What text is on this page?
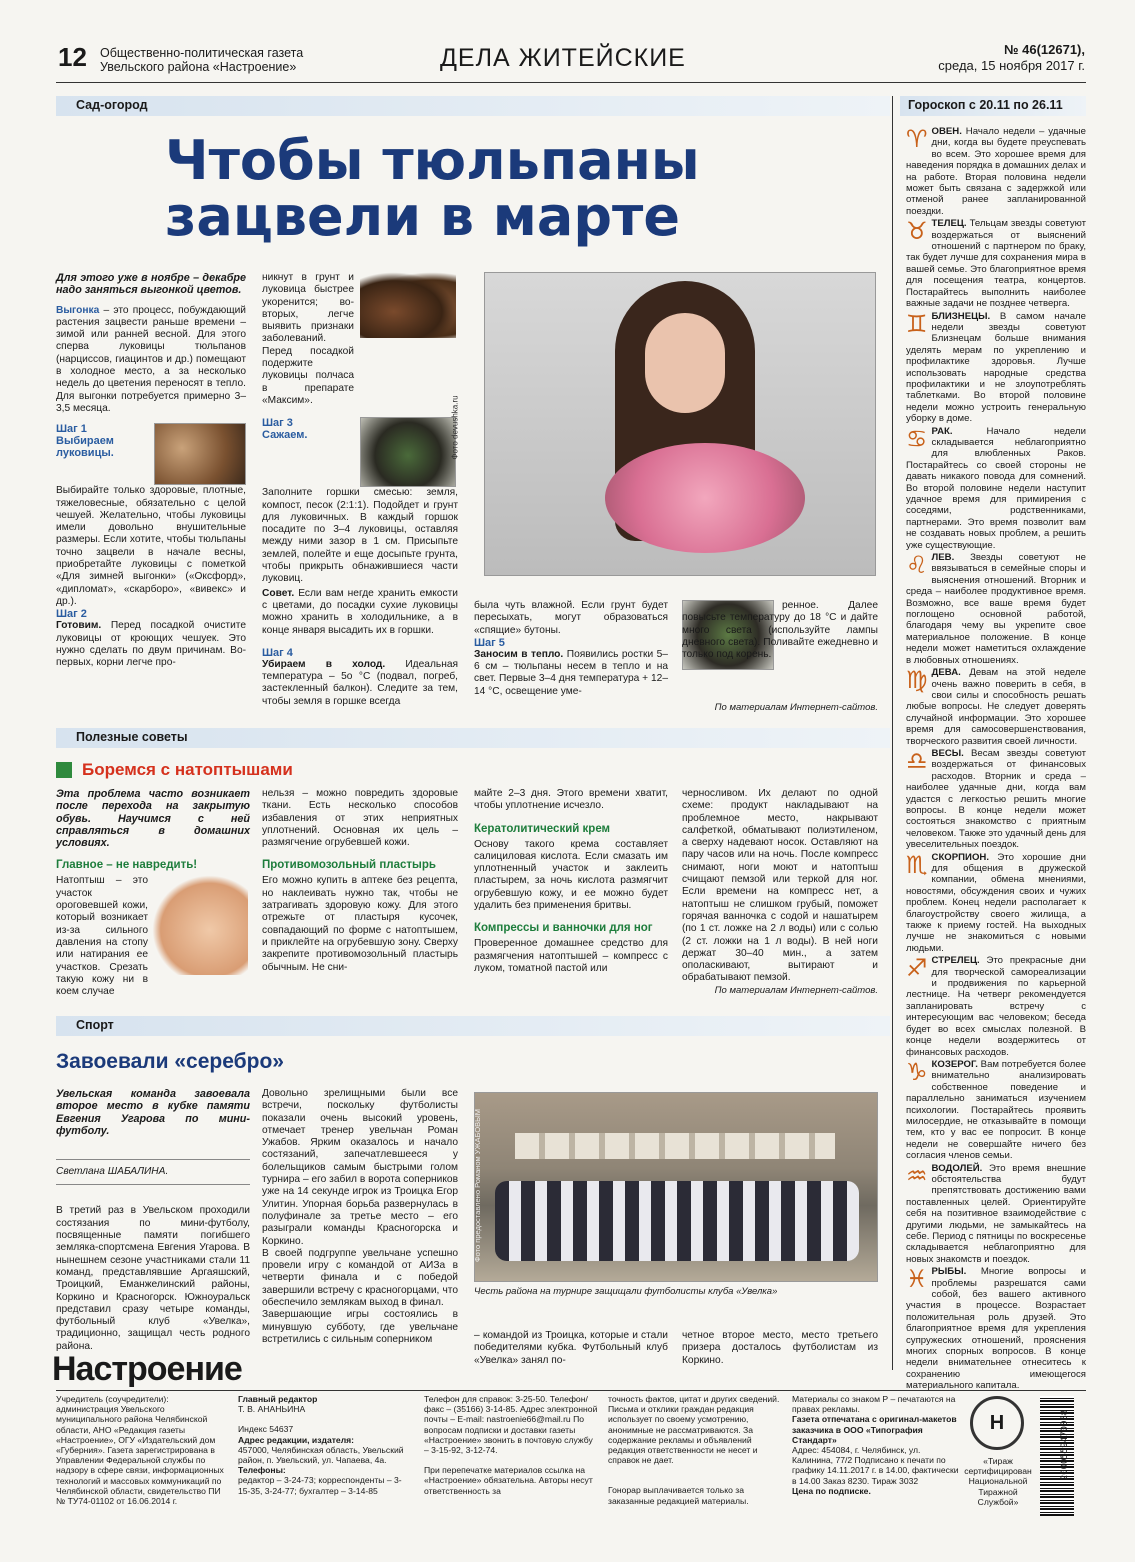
12 Общественно-политическая газета
Увельского района «Настроение»	ДЕЛА ЖИТЕЙСКИЕ	№ 46(12671),
среда, 15 ноября 2017 г.
Сад-огород
Чтобы тюльпаны
зацвели в марте
Для этого уже в ноябре – декабре надо заняться выгонкой цветов.
Выгонка – это процесс, побуждающий растения зацвести раньше времени – зимой или ранней весной. Для этого сперва луковицы тюльпанов (нарциссов, гиацинтов и др.) помещают в холодное место, а за несколько недель до цветения переносят в тепло. Для выгонки потребуется примерно 3–3,5 месяца.
Шаг 1
Выбираем луковицы.
Выбирайте только здоровые, плотные, тяжеловесные, обязательно с целой чешуей. Желательно, чтобы луковицы имели довольно внушительные размеры. Если хотите, чтобы тюльпаны точно зацвели в начале весны, приобретайте луковицы с пометкой «Для зимней выгонки» («Оксфорд», «дипломат», «скарборо», «вивекс» и др.).
Шаг 2
Готовим. Перед посадкой очистите луковицы от кроющих чешуек. Это нужно сделать по двум причинам. Во-первых, корни легче про-
никнут в грунт и луковица быстрее укоренится; во-вторых, легче выявить признаки заболеваний. Перед посадкой подержите луковицы полчаса в препарате «Максим».
Шаг 3
Сажаем.
Заполните горшки смесью: земля, компост, песок (2:1:1). Подойдет и грунт для луковичных. В каждый горшок посадите по 3–4 луковицы, оставляя между ними зазор в 1 см. Присыпьте землей, полейте и еще досыпьте грунта, чтобы прикрыть обнажившиеся части луковиц.
Совет. Если вам негде хранить емкости с цветами, до посадки сухие луковицы можно хранить в холодильнике, а в конце января высадить их в горшки.
Шаг 4
Убираем в холод. Идеальная температура – 5о °С (подвал, погреб, застекленный балкон). Следите за тем, чтобы земля в горшке всегда
Фото devushka.ru
была чуть влажной. Если грунт будет пересыхать, могут образоваться «спящие» бутоны.
Шаг 5
Заносим в тепло. Появились ростки 5–6 см – тюльпаны несем в тепло и на свет. Первые 3–4 дня температура + 12–14 °С, освещение уме-
ренное. Далее повысьте температуру до 18 °С и дайте много света (используйте лампы дневного света). Поливайте ежедневно и только под корень.
По материалам Интернет-сайтов.
Полезные советы
Боремся с натоптышами
Эта проблема часто возникает после перехода на закрытую обувь. Научимся с ней справляться в домашних условиях.
Главное – не навредить!
Натоптыш – это участок ороговевшей кожи, который возникает из-за сильного давления на стопу или натирания ее участков. Срезать такую кожу ни в коем случае
нельзя – можно повредить здоровые ткани. Есть несколько способов избавления от этих неприятных уплотнений. Основная их цель – размягчение огрубевшей кожи.
Противомозольный пластырь
Его можно купить в аптеке без рецепта, но наклеивать нужно так, чтобы не затрагивать здоровую кожу. Для этого отрежьте от пластыря кусочек, совпадающий по форме с натоптышем, и приклейте на огрубевшую зону. Сверху закрепите противомозольный пластырь обычным. Не сни-
майте 2–3 дня. Этого времени хватит, чтобы уплотнение исчезло.
Кератолитический крем
Основу такого крема составляет салициловая кислота. Если смазать им уплотненный участок и заклеить пластырем, за ночь кислота размягчит огрубевшую кожу, и ее можно будет удалить без применения бритвы.
Компрессы и ванночки для ног
Проверенное домашнее средство для размягчения натоптышей – компресс с луком, томатной пастой или
черносливом. Их делают по одной схеме: продукт накладывают на проблемное место, накрывают салфеткой, обматывают полиэтиленом, а сверху надевают носок. Оставляют на пару часов или на ночь. После компресс снимают, ноги моют и натоптыш счищают пемзой или теркой для ног. Если времени на компресс нет, а натоптыш не слишком грубый, поможет горячая ванночка с содой и нашатырем (по 1 ст. ложке на 2 л воды) или с солью (2 ст. ложки на 1 л воды). В ней ноги держат 30–40 мин., а затем ополаскивают, вытирают и обрабатывают пемзой.
По материалам Интернет-сайтов.
Спорт
Завоевали «серебро»
Увельская команда завоевала второе место в кубке памяти Евгения Угарова по мини-футболу.
Светлана ШАБАЛИНА.
В третий раз в Увельском проходили состязания по мини-футболу, посвященные памяти погибшего земляка-спортсмена Евгения Угарова. В нынешнем сезоне участниками стали 11 команд, представлявшие Аргаяшский, Троицкий, Еманжелинский районы, Коркино и Красногорск. Южноуральск представил сразу четыре команды, футбольный клуб «Увелка», традиционно, защищал честь родного района.
Довольно зрелищными были все встречи, поскольку футболисты показали очень высокий уровень, отмечает тренер увельчан Роман Ужабов. Ярким оказалось и начало состязаний, запечатлевшееся у болельщиков самым быстрыми голом турнира – его забил в ворота соперников уже на 14 секунде игрок из Троицка Егор Улитин. Упорная борьба развернулась в полуфинале за третье место – его разыграли команды Красногорска и Коркино.
В своей подгруппе увельчане успешно провели игру с командой от АИЗа в четверти финала и с победой завершили встречу с красногорцами, что обеспечило землякам выход в финал.
Завершающие игры состоялись в минувшую субботу, где увельчане встретились с сильным соперником
Фото предоставлено Романом УЖАБОВЫМ
Честь района на турнире защищали футболисты клуба «Увелка»
– командой из Троицка, которые и стали победителями кубка. Футбольный клуб «Увелка» занял по-
четное второе место, место третьего призера досталось футболистам из Коркино.
Гороскоп с 20.11 по 26.11
♈ ОВЕН. Начало недели – удачные дни, когда вы будете преуспевать во всем. Это хорошее время для наведения порядка в домашних делах и на работе. Вторая половина недели может быть связана с задержкой или отменой ранее запланированной поездки.
♉ ТЕЛЕЦ. Тельцам звезды советуют воздержаться от выяснений отношений с партнером по браку, так будет лучше для сохранения мира в вашей семье. Это благоприятное время для посещения театра, концертов. Постарайтесь выполнить наиболее важные задачи не позднее четверга.
♊ БЛИЗНЕЦЫ. В самом начале недели звезды советуют Близнецам больше внимания уделять мерам по укреплению и профилактике здоровья. Лучше использовать народные средства профилактики и не злоупотреблять таблетками. Во второй половине недели можно устроить генеральную уборку в доме.
♋ РАК. Начало недели складывается неблагоприятно для влюбленных Раков. Постарайтесь со своей стороны не давать никакого повода для сомнений. Во второй половине недели наступит удачное время для примирения с соседями, родственниками, партнерами. Это время позволит вам не создавать новых проблем, а решить уже существующие.
♌ ЛЕВ. Звезды советуют не ввязываться в семейные споры и выяснения отношений. Вторник и среда – наиболее продуктивное время. Возможно, все ваше время будет поглощено основной работой, благодаря чему вы укрепите свое материальное положение. В конце недели может наметиться охлаждение в любовных отношениях.
♍ ДЕВА. Девам на этой неделе очень важно поверить в себя, в свои силы и способность решать любые вопросы. Не следует доверять случайной информации. Это хорошее время для самосовершенствования, творческого развития своей личности.
♎ ВЕСЫ. Весам звезды советуют воздержаться от финансовых расходов. Вторник и среда – наиболее удачные дни, когда вам удастся с легкостью решить многие вопросы. В конце недели может состояться знакомство с приятным человеком. Также это удачный день для увеселительных поездок.
♏ СКОРПИОН. Это хорошие дни для общения в дружеской компании, обмена мнениями, новостями, обсуждения своих и чужих проблем. Конец недели располагает к благоустройству своего жилища, а также к приему гостей. На выходных лучше не знакомиться с новыми людьми.
♐ СТРЕЛЕЦ. Это прекрасные дни для творческой самореализации и продвижения по карьерной лестнице. На четверг рекомендуется запланировать встречу с интересующим вас человеком; беседа будет во всех смыслах полезной. В конце недели воздержитесь от финансовых расходов.
♑ КОЗЕРОГ. Вам потребуется более внимательно анализировать собственное поведение и параллельно заниматься изучением психологии. Постарайтесь проявить милосердие, не отказывайте в помощи тем, кто у вас ее попросит. В конце недели не совершайте ничего без согласия членов семьи.
♒ ВОДОЛЕЙ. Это время внешние обстоятельства будут препятствовать достижению вами поставленных целей. Ориентируйте себя на позитивное взаимодействие с другими людьми, не замыкайтесь на себе. Период с пятницы по воскресенье складывается неблагоприятно для новых знакомств и поездок.
♓ РЫБЫ. Многие вопросы и проблемы разрешатся сами собой, без вашего активного участия в процессе. Возрастает положительная роль друзей. Это благоприятное время для укрепления супружеских отношений, прояснения многих спорных вопросов. В конце недели внимательнее отнеситесь к сохранению имеющегося материального капитала.
Настроение
Учредитель (соучредители): администрация Увельского муниципального района Челябинской области, АНО «Редакция газеты «Настроение», ОГУ «Издательский дом «Губерния». Газета зарегистрирована в Управлении Федеральной службы по надзору в сфере связи, информационных технологий и массовых коммуникаций по Челябинской области, свидетельство ПИ № ТУ74-01102 от 16.06.2014 г.
Главный редактор
Т. В. АНАНЬИНА
Индекс 54637
Адрес редакции, издателя:
457000, Челябинская область, Увельский район, п. Увельский, ул. Чапаева, 4а.
Телефоны:
редактор – 3-24-73; корреспонденты – 3-15-35, 3-24-77; бухгалтер – 3-14-85
Телефон для справок: 3-25-50. Телефон/факс – (35166) 3-14-85. Адрес электронной почты – E-mail: nastroenie66@mail.ru По вопросам подписки и доставки газеты «Настроение» звонить в почтовую службу – 3-15-92, 3-12-74.
При перепечатке материалов ссылка на «Настроение» обязательна. Авторы несут ответственность за
точность фактов, цитат и других сведений. Письма и отклики граждан редакция использует по своему усмотрению, анонимные не рассматриваются. За содержание рекламы и объявлений редакция ответственности не несет и справок не дает.
Гонорар выплачивается только за заказанные редакцией материалы.
Материалы со знаком Р – печатаются на правах рекламы.
Газета отпечатана с оригинал-макетов заказчика в ООО «Типография Стандарт»
Адрес: 454084, г. Челябинск, ул. Калинина, 77/2 Подписано к печати по графику 14.11.2017 г. в 14.00, фактически в 14.00 Заказ 8230. Тираж 3032
Цена по подписке.
Н
«Тираж сертифицирован Национальной Тиражной Службой»
2000559470088
